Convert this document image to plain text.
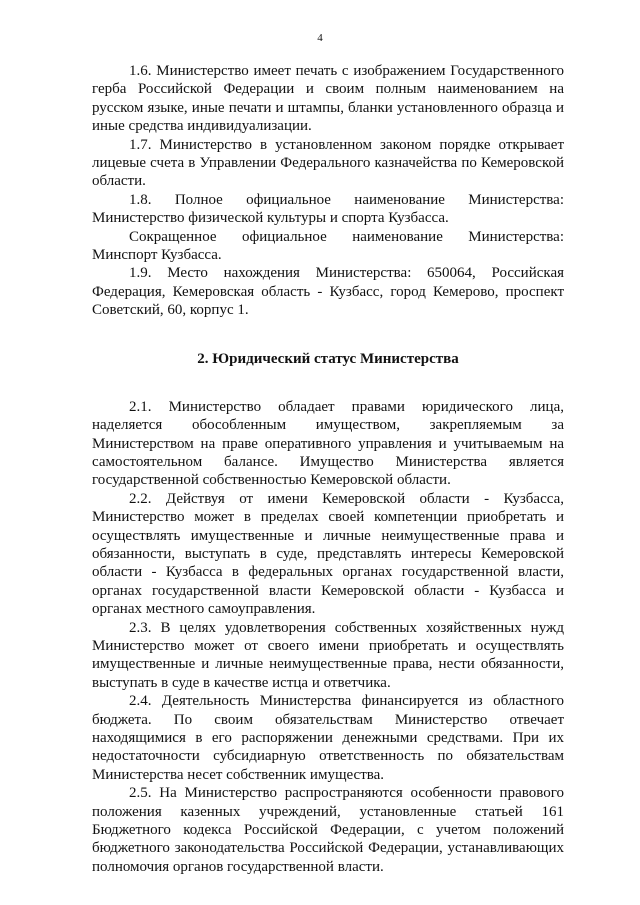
4

1.6. Министерство имеет печать с изображением Государственного герба Российской Федерации и своим полным наименованием на русском языке, иные печати и штампы, бланки установленного образца и иные средства индивидуализации.

1.7. Министерство в установленном законом порядке открывает лицевые счета в Управлении Федерального казначейства по Кемеровской области.

1.8. Полное официальное наименование Министерства: Министерство физической культуры и спорта Кузбасса.

Сокращенное официальное наименование Министерства: Минспорт Кузбасса.

1.9. Место нахождения Министерства: 650064, Российская Федерация, Кемеровская область - Кузбасс, город Кемерово, проспект Советский, 60, корпус 1.

2. Юридический статус Министерства

2.1. Министерство обладает правами юридического лица, наделяется обособленным имуществом, закрепляемым за Министерством на праве оперативного управления и учитываемым на самостоятельном балансе. Имущество Министерства является государственной собственностью Кемеровской области.

2.2. Действуя от имени Кемеровской области - Кузбасса, Министерство может в пределах своей компетенции приобретать и осуществлять имущественные и личные неимущественные права и обязанности, выступать в суде, представлять интересы Кемеровской области - Кузбасса в федеральных органах государственной власти, органах государственной власти Кемеровской области - Кузбасса и органах местного самоуправления.

2.3. В целях удовлетворения собственных хозяйственных нужд Министерство может от своего имени приобретать и осуществлять имущественные и личные неимущественные права, нести обязанности, выступать в суде в качестве истца и ответчика.

2.4. Деятельность Министерства финансируется из областного бюджета. По своим обязательствам Министерство отвечает находящимися в его распоряжении денежными средствами. При их недостаточности субсидиарную ответственность по обязательствам Министерства несет собственник имущества.

2.5. На Министерство распространяются особенности правового положения казенных учреждений, установленные статьей 161 Бюджетного кодекса Российской Федерации, с учетом положений бюджетного законодательства Российской Федерации, устанавливающих полномочия органов государственной власти.
